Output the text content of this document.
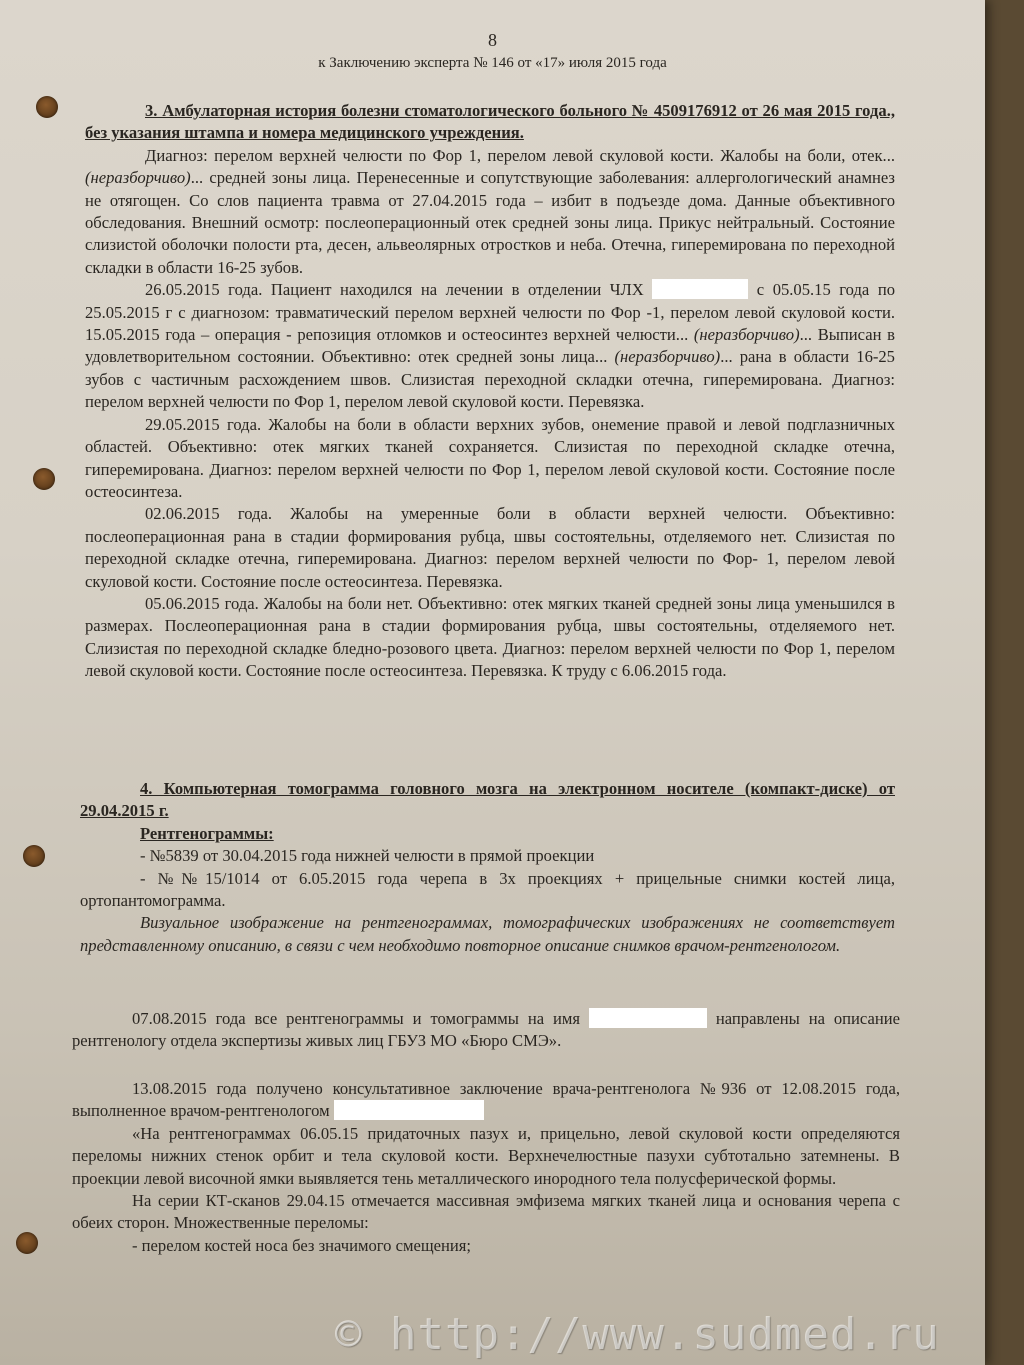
8
к Заключению эксперта № 146 от «17» июля 2015 года

3. Амбулаторная история болезни стоматологического больного № 4509176912 от 26 мая 2015 года., без указания штампа и номера медицинского учреждения.

Диагноз: перелом верхней челюсти по Фор 1, перелом левой скуловой кости. Жалобы на боли, отек... (неразборчиво)... средней зоны лица. Перенесенные и сопутствующие заболевания: аллергологический анамнез не отягощен. Со слов пациента травма от 27.04.2015 года – избит в подъезде дома. Данные объективного обследования. Внешний осмотр: послеоперационный отек средней зоны лица. Прикус нейтральный. Состояние слизистой оболочки полости рта, десен, альвеолярных отростков и неба. Отечна, гиперемирована по переходной складки в области 16-25 зубов.

26.05.2015 года. Пациент находился на лечении в отделении ЧЛХ	с 05.05.15 года по 25.05.2015 г с диагнозом: травматический перелом верхней челюсти по Фор -1, перелом левой скуловой кости. 15.05.2015 года – операция - репозиция отломков и остеосинтез верхней челюсти... (неразборчиво)... Выписан в удовлетворительном состоянии. Объективно: отек средней зоны лица... (неразборчиво)... рана в области 16-25 зубов с частичным расхождением швов. Слизистая переходной складки отечна, гиперемирована. Диагноз: перелом верхней челюсти по Фор 1, перелом левой скуловой кости. Перевязка.

29.05.2015 года. Жалобы на боли в области верхних зубов, онемение правой и левой подглазничных областей. Объективно: отек мягких тканей сохраняется. Слизистая по переходной складке отечна, гиперемирована. Диагноз: перелом верхней челюсти по Фор 1, перелом левой скуловой кости. Состояние после остеосинтеза.

02.06.2015 года. Жалобы на умеренные боли в области верхней челюсти. Объективно: послеоперационная рана в стадии формирования рубца, швы состоятельны, отделяемого нет. Слизистая по переходной складке отечна, гиперемирована. Диагноз: перелом верхней челюсти по Фор- 1, перелом левой скуловой кости. Состояние после остеосинтеза. Перевязка.

05.06.2015 года. Жалобы на боли нет. Объективно: отек мягких тканей средней зоны лица уменьшился в размерах. Послеоперационная рана в стадии формирования рубца, швы состоятельны, отделяемого нет. Слизистая по переходной складке бледно-розового цвета. Диагноз: перелом верхней челюсти по Фор 1, перелом левой скуловой кости. Состояние после остеосинтеза. Перевязка. К труду с 6.06.2015 года.

4. Компьютерная томограмма головного мозга на электронном носителе (компакт-диске) от 29.04.2015 г.

Рентгенограммы:

- №5839 от 30.04.2015 года нижней челюсти в прямой проекции

- №№15/1014 от 6.05.2015 года черепа в 3х проекциях + прицельные снимки костей лица, ортопантомограмма.

Визуальное изображение на рентгенограммах, томографических изображениях не соответствует представленному описанию, в связи с чем необходимо повторное описание снимков врачом-рентгенологом.

07.08.2015 года все рентгенограммы и томограммы на имя	направлены на описание рентгенологу отдела экспертизы живых лиц ГБУЗ МО «Бюро СМЭ».

13.08.2015 года получено консультативное заключение врача-рентгенолога №936 от 12.08.2015 года, выполненное врачом-рентгенологом

«На рентгенограммах 06.05.15 придаточных пазух и, прицельно, левой скуловой кости определяются переломы нижних стенок орбит и тела скуловой кости. Верхнечелюстные пазухи субтотально затемнены. В проекции левой височной ямки выявляется тень металлического инородного тела полусферической формы.

На серии КТ-сканов 29.04.15 отмечается массивная эмфизема мягких тканей лица и основания черепа с обеих сторон. Множественные переломы:

- перелом костей носа без значимого смещения;

© http://www.sudmed.ru
